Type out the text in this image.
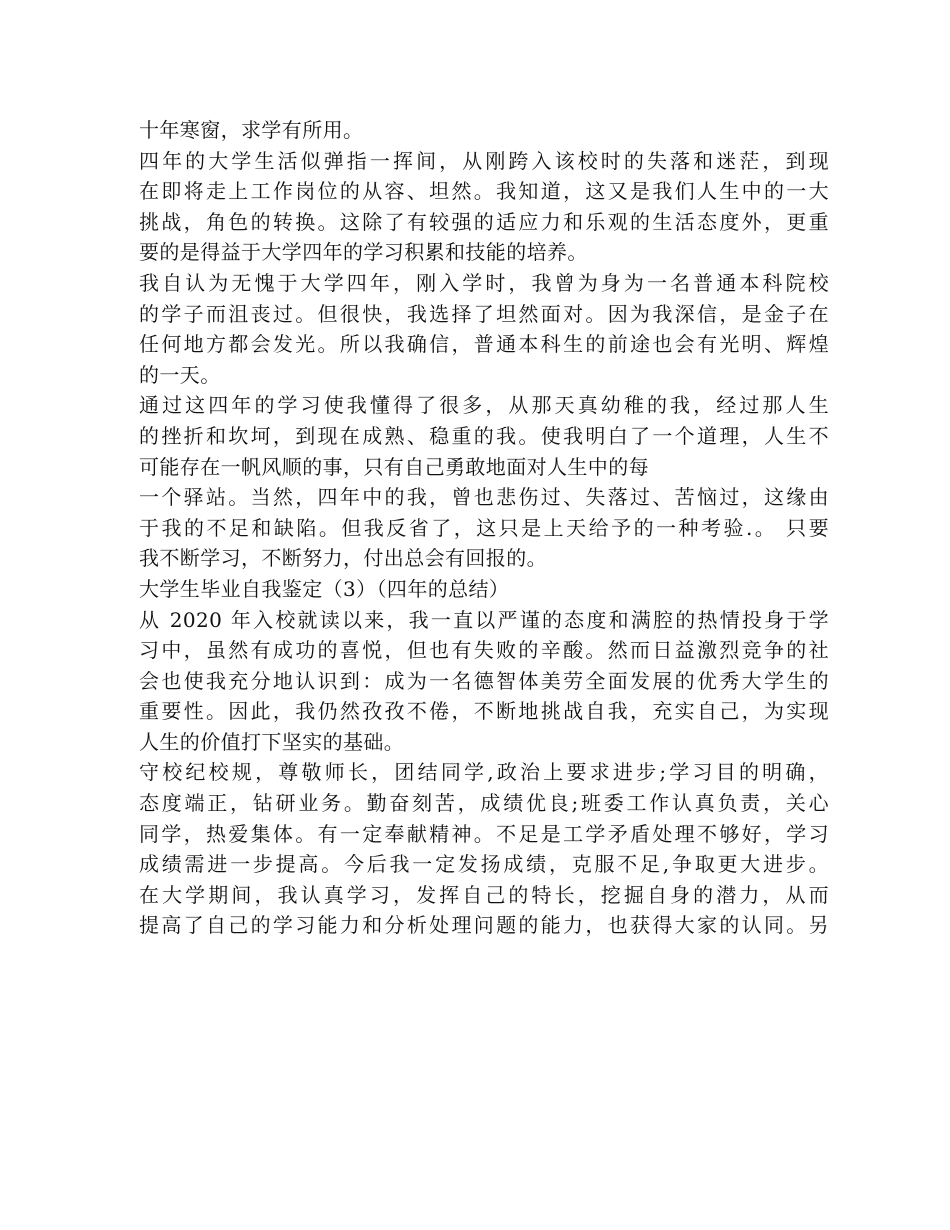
十年寒窗，求学有所用。
四年的大学生活似弹指一挥间，从刚跨入该校时的失落和迷茫，到现
在即将走上工作岗位的从容、坦然。我知道，这又是我们人生中的一大
挑战，角色的转换。这除了有较强的适应力和乐观的生活态度外，更重
要的是得益于大学四年的学习积累和技能的培养。
我自认为无愧于大学四年，刚入学时，我曾为身为一名普通本科院校
的学子而沮丧过。但很快，我选择了坦然面对。因为我深信，是金子在
任何地方都会发光。所以我确信，普通本科生的前途也会有光明、辉煌
的一天。
通过这四年的学习使我懂得了很多，从那天真幼稚的我，经过那人生
的挫折和坎坷，到现在成熟、稳重的我。使我明白了一个道理，人生不
可能存在一帆风顺的事，只有自己勇敢地面对人生中的每
一个驿站。当然，四年中的我，曾也悲伤过、失落过、苦恼过，这缘由
于我的不足和缺陷。但我反省了，这只是上天给予的一种考验.。 只要
我不断学习，不断努力，付出总会有回报的。
大学生毕业自我鉴定（3）（四年的总结）
从 2020 年入校就读以来，我一直以严谨的态度和满腔的热情投身于学
习中，虽然有成功的喜悦，但也有失败的辛酸。然而日益激烈竞争的社
会也使我充分地认识到：成为一名德智体美劳全面发展的优秀大学生的
重要性。因此，我仍然孜孜不倦，不断地挑战自我，充实自己，为实现
人生的价值打下坚实的基础。
守校纪校规，尊敬师长，团结同学,政治上要求进步;学习目的明确，
态度端正，钻研业务。勤奋刻苦，成绩优良;班委工作认真负责，关心
同学，热爱集体。有一定奉献精神。不足是工学矛盾处理不够好，学习
成绩需进一步提高。今后我一定发扬成绩，克服不足,争取更大进步。
在大学期间，我认真学习，发挥自己的特长，挖掘自身的潜力，从而
提高了自己的学习能力和分析处理问题的能力，也获得大家的认同。另
